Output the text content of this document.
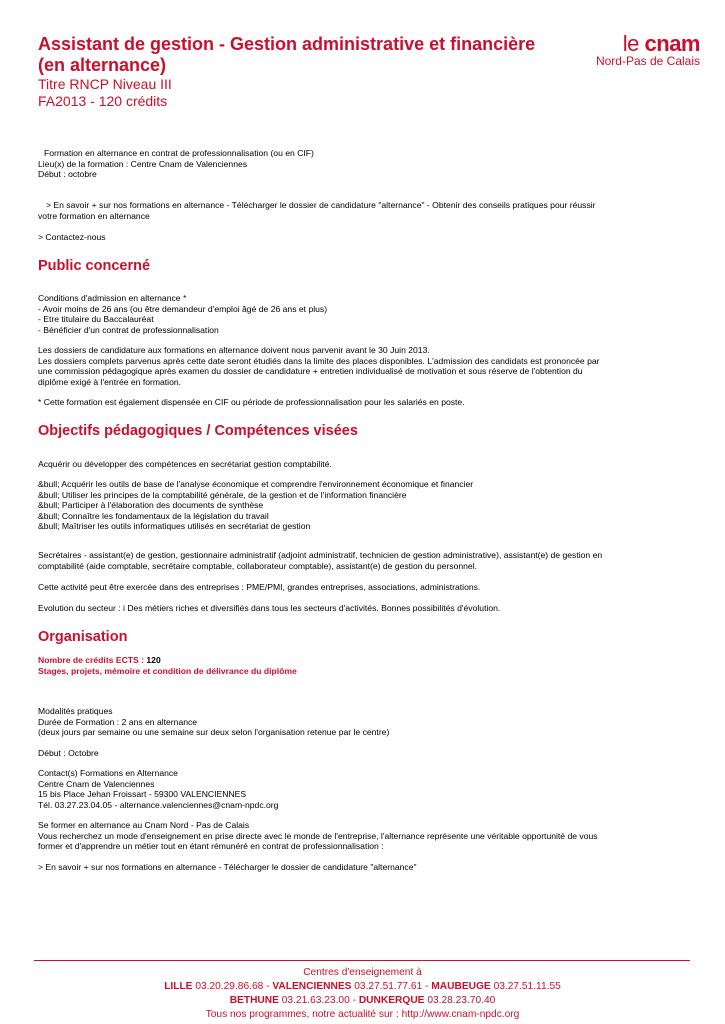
Assistant de gestion - Gestion administrative et financière (en alternance)
Titre RNCP Niveau III
FA2013 - 120 crédits
le cnam
Nord-Pas de Calais

Formation en alternance en contrat de professionnalisation (ou en CIF)

Lieu(x) de la formation : Centre Cnam de Valenciennes

Début : octobre

> En savoir + sur nos formations en alternance - Télécharger le dossier de candidature "alternance" - Obtenir des conseils pratiques pour réussir

votre formation en alternance

> Contactez-nous

Public concerné

Conditions d'admission en alternance *

- Avoir moins de 26 ans (ou être demandeur d'emploi âgé de 26 ans et plus)

- Etre titulaire du Baccalauréat

- Bénéficier d'un contrat de professionnalisation

Les dossiers de candidature aux formations en alternance doivent nous parvenir avant le 30 Juin 2013.

Les dossiers complets parvenus après cette date seront étudiés dans la limite des places disponibles. L'admission des candidats est prononcée par

une commission pédagogique après examen du dossier de candidature + entretien individualisé de motivation et sous réserve de l'obtention du

diplôme exigé à l'entrée en formation.

* Cette formation est également dispensée en CIF ou période de professionnalisation pour les salariés en poste.

Objectifs pédagogiques / Compétences visées

Acquérir ou développer des compétences en secrétariat gestion comptabilité.

&bull; Acquérir les outils de base de l'analyse économique et comprendre l'environnement économique et financier

&bull; Utiliser les principes de la comptabilité générale, de la gestion et de l'information financière

&bull; Participer à l'élaboration des documents de synthèse

&bull; Connaître les fondamentaux de la législation du travail

&bull; Maîtriser les outils informatiques utilisés en secrétariat de gestion

Secrétaires - assistant(e) de gestion, gestionnaire administratif (adjoint administratif, technicien de gestion administrative), assistant(e) de gestion en

comptabilité (aide comptable, secrétaire comptable, collaborateur comptable), assistant(e) de gestion du personnel.

Cette activité peut être exercée dans des entreprises : PME/PMI, grandes entreprises, associations, administrations.

Evolution du secteur : i Des métiers riches et diversifiés dans tous les secteurs d'activités. Bonnes possibilités d'évolution.

Organisation

Nombre de crédits ECTS : 120

Stages, projets, mémoire et condition de délivrance du diplôme

Modalités pratiques

Durée de Formation : 2 ans en alternance

(deux jours par semaine ou une semaine sur deux selon l'organisation retenue par le centre)

Début : Octobre

Contact(s) Formations en Alternance

Centre Cnam de Valenciennes

15 bis Place Jehan Froissart - 59300 VALENCIENNES

Tél. 03.27.23.04.05 - alternance.valenciennes@cnam-npdc.org

Se former en alternance au Cnam Nord - Pas de Calais

Vous recherchez un mode d'enseignement en prise directe avec le monde de l'entreprise, l'alternance représente une véritable opportunité de vous

former et d'apprendre un métier tout en étant rémunéré en contrat de professionnalisation :

> En savoir + sur nos formations en alternance - Télécharger le dossier de candidature "alternance"

Centres d'enseignement à
LILLE 03.20.29.86.68 - VALENCIENNES 03.27.51.77.61 - MAUBEUGE 03.27.51.11.55
BETHUNE 03.21.63.23.00 - DUNKERQUE 03.28.23.70.40
Tous nos programmes, notre actualité sur : http://www.cnam-npdc.org
